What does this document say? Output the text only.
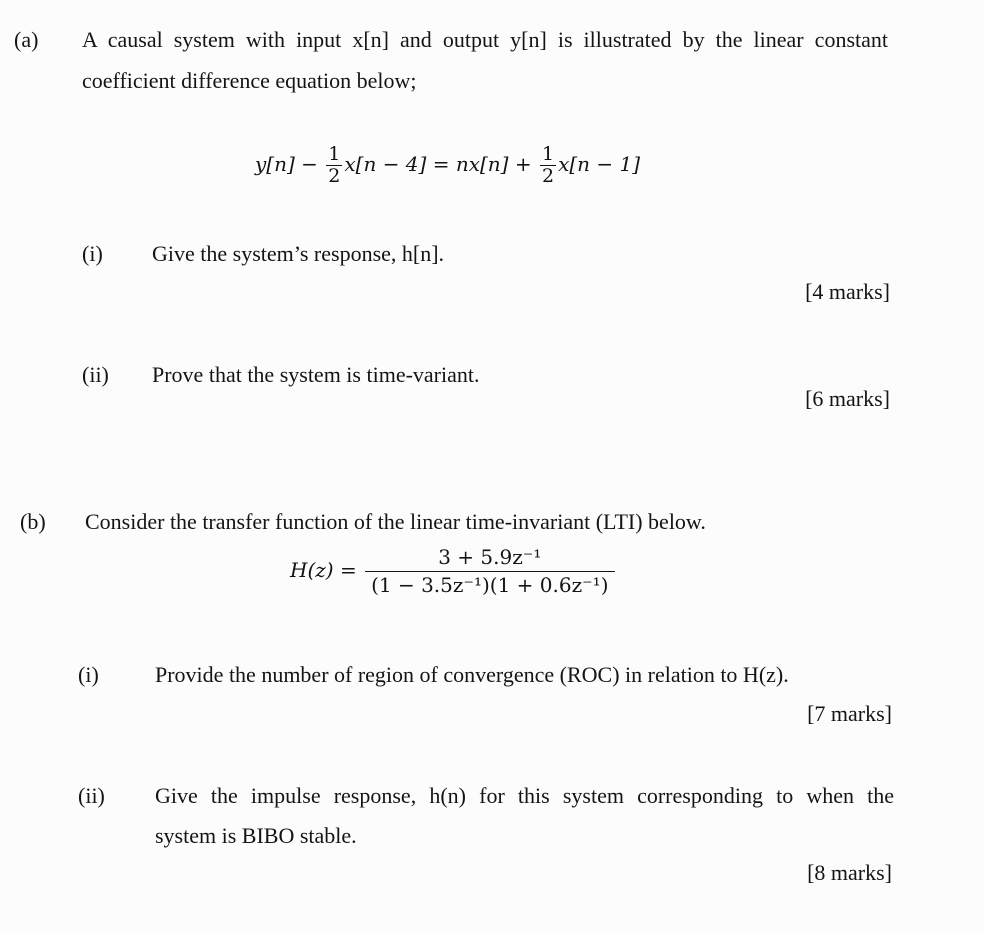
(a) A causal system with input x[n] and output y[n] is illustrated by the linear constant
coefficient difference equation below;
$y[n] - \frac{1}{2} x[n - 4] = nx[n] + \frac{1}{2} x[n - 1]$
(i) Give the system’s response, h[n].
[4 marks]
(ii) Prove that the system is time-variant.
[6 marks]
(b) Consider the transfer function of the linear time-invariant (LTI) below.
$H(z) = \frac{\text{3 + 5.9z⁻¹}}{\text{(1 − 3.5z⁻¹)(1 + 0.6z⁻¹)}}$
(i)	Provide the number of region of convergence (ROC) in relation to H(z).
[7 marks]
(ii) Give the impulse response, h(n) for this system corresponding to when the
system is BIBO stable.
[8 marks]
